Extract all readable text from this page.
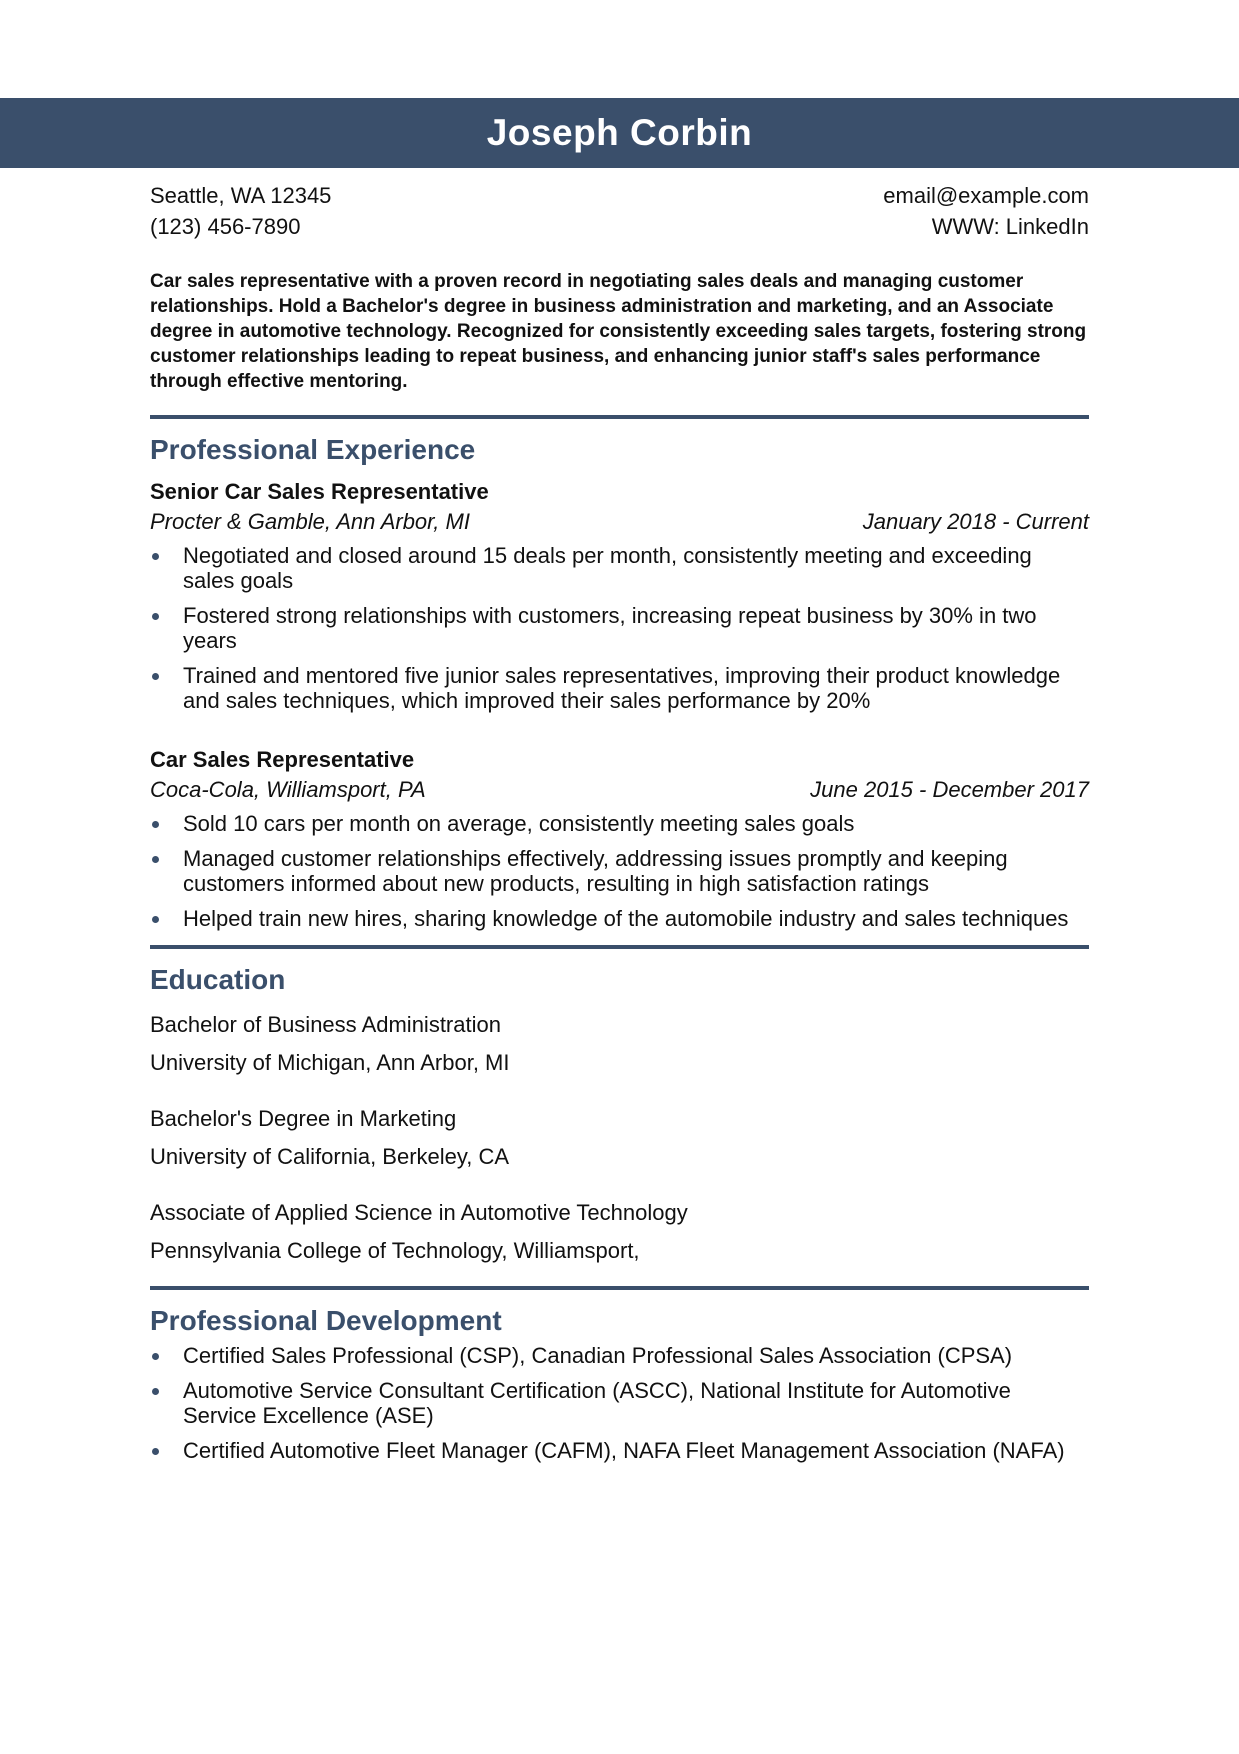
Joseph Corbin
Seattle, WA 12345	email@example.com
(123) 456-7890	WWW: LinkedIn
Car sales representative with a proven record in negotiating sales deals and managing customer relationships. Hold a Bachelor's degree in business administration and marketing, and an Associate degree in automotive technology. Recognized for consistently exceeding sales targets, fostering strong customer relationships leading to repeat business, and enhancing junior staff's sales performance through effective mentoring.
Professional Experience
Senior Car Sales Representative
Procter & Gamble, Ann Arbor, MI	January 2018 - Current
Negotiated and closed around 15 deals per month, consistently meeting and exceeding sales goals
Fostered strong relationships with customers, increasing repeat business by 30% in two years
Trained and mentored five junior sales representatives, improving their product knowledge and sales techniques, which improved their sales performance by 20%
Car Sales Representative
Coca-Cola, Williamsport, PA	June 2015 - December 2017
Sold 10 cars per month on average, consistently meeting sales goals
Managed customer relationships effectively, addressing issues promptly and keeping customers informed about new products, resulting in high satisfaction ratings
Helped train new hires, sharing knowledge of the automobile industry and sales techniques
Education
Bachelor of Business Administration
University of Michigan, Ann Arbor, MI
Bachelor's Degree in Marketing
University of California, Berkeley, CA
Associate of Applied Science in Automotive Technology
Pennsylvania College of Technology, Williamsport,
Professional Development
Certified Sales Professional (CSP), Canadian Professional Sales Association (CPSA)
Automotive Service Consultant Certification (ASCC), National Institute for Automotive Service Excellence (ASE)
Certified Automotive Fleet Manager (CAFM), NAFA Fleet Management Association (NAFA)
